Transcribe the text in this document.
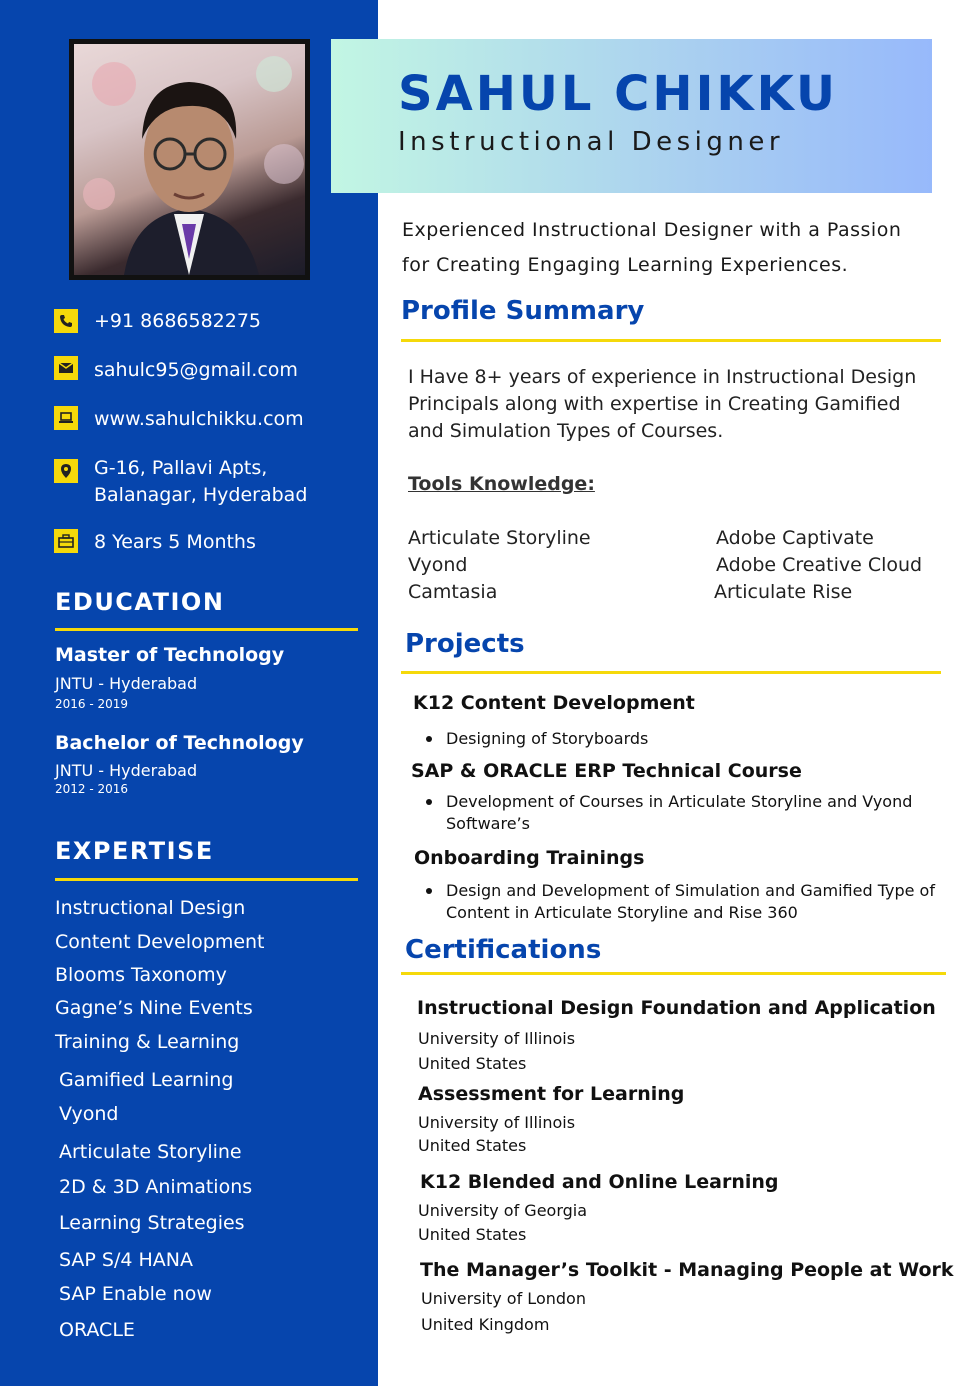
+91 8686582275
sahulc95@gmail.com
www.sahulchikku.com
G-16, Pallavi Apts,
Balanagar, Hyderabad
8 Years 5 Months
EDUCATION
Master of Technology
JNTU - Hyderabad
2016 - 2019
Bachelor of Technology
JNTU - Hyderabad
2012 - 2016
EXPERTISE
Instructional Design
Content Development
Blooms Taxonomy
Gagne’s Nine Events
Training & Learning
Gamified Learning
Vyond
Articulate Storyline
2D & 3D Animations
Learning Strategies
SAP S/4 HANA
SAP Enable now
ORACLE
SAHUL CHIKKU
Instructional Designer
Experienced Instructional Designer with a Passion
for Creating Engaging Learning Experiences.
Profile Summary
I Have 8+ years of experience in Instructional Design Principals along with expertise in Creating Gamified and Simulation Types of Courses.
Tools Knowledge:
Articulate Storyline	Adobe Captivate
Vyond	Adobe Creative Cloud
Camtasia	Articulate Rise
Projects
K12 Content Development
Designing of Storyboards
SAP & ORACLE ERP Technical Course
Development of Courses in Articulate Storyline and Vyond Software’s
Onboarding Trainings
Design and Development of Simulation and Gamified Type of Content in Articulate Storyline and Rise 360
Certifications
Instructional Design Foundation and Application
University of Illinois
United States
Assessment for Learning
University of Illinois
United States
K12 Blended and Online Learning
University of Georgia
United States
The Manager’s Toolkit - Managing People at Work
University of London
United Kingdom
